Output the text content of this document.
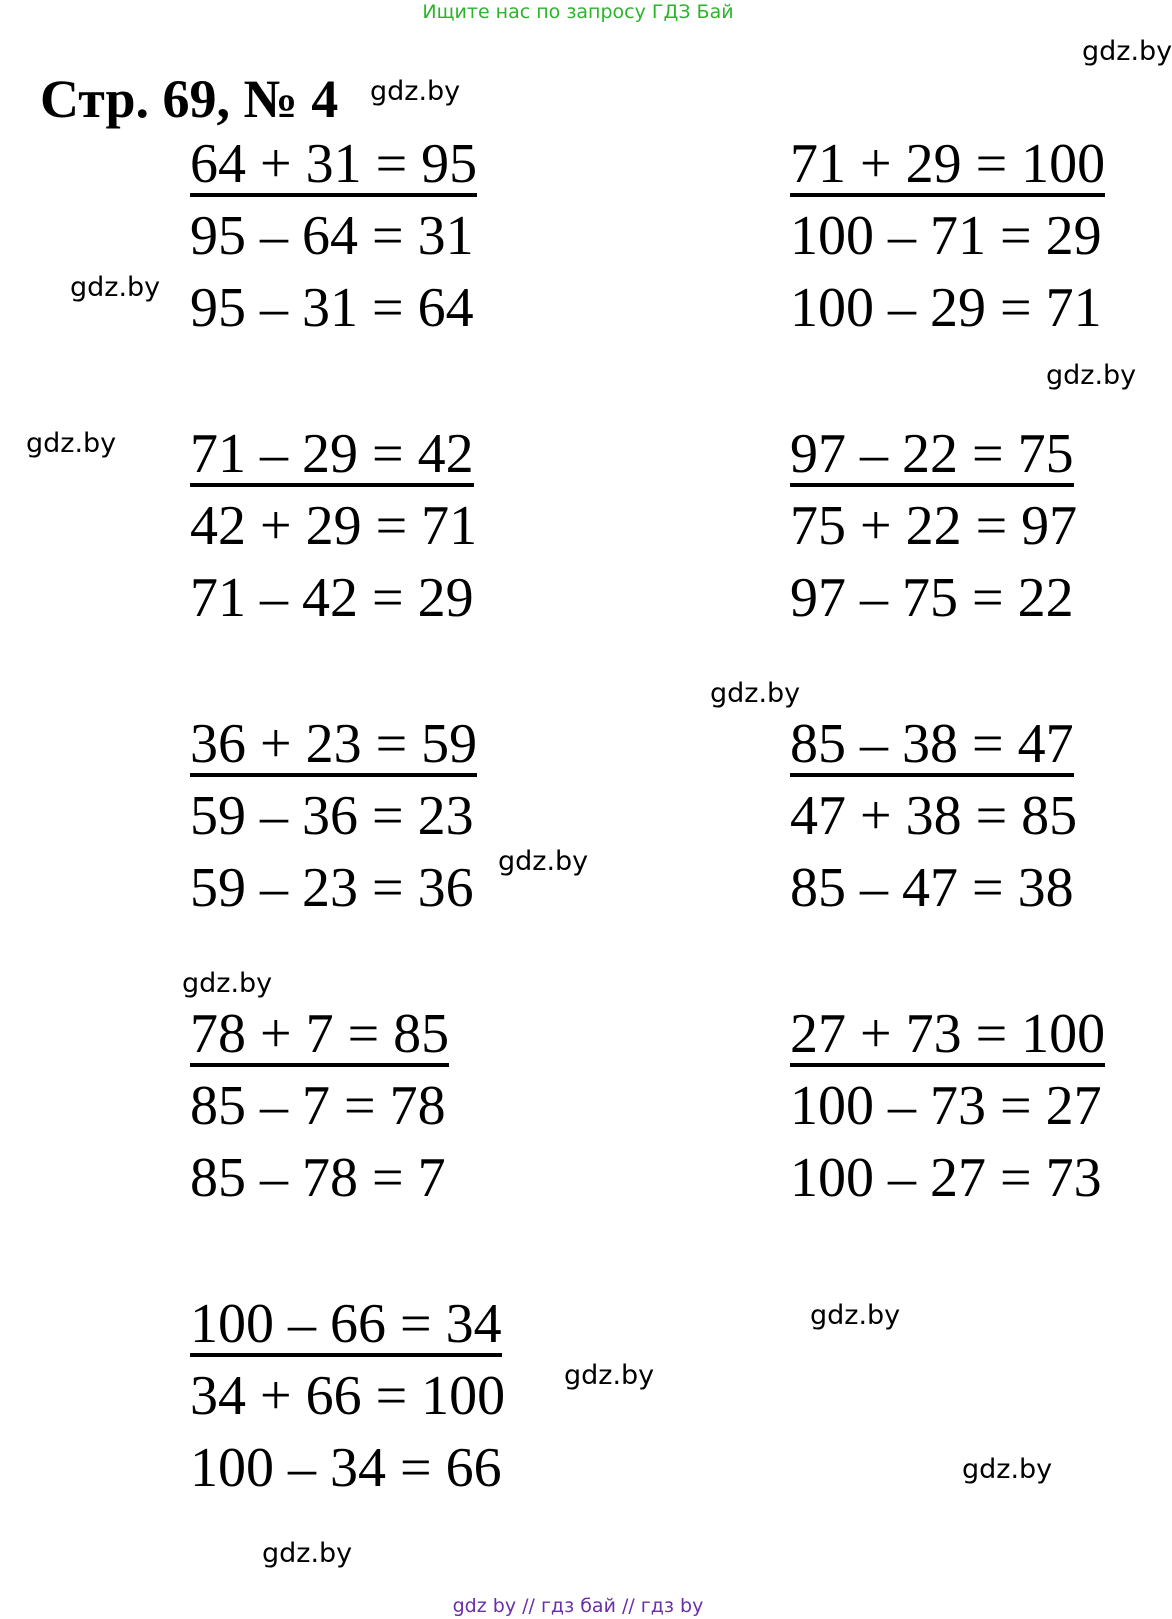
Ищите нас по запросу ГДЗ Бай
Стр. 69, № 4
gdz.by
gdz.by
gdz.by
gdz.by
gdz.by
gdz.by
gdz.by
gdz.by
gdz.by
gdz.by
gdz.by
gdz.by
64 + 31 = 95
95 – 64 = 31
95 – 31 = 64
71 + 29 = 100
100 – 71 = 29
100 – 29 = 71
71 – 29 = 42
42 + 29 = 71
71 – 42 = 29
97 – 22 = 75
75 + 22 = 97
97 – 75 = 22
36 + 23 = 59
59 – 36 = 23
59 – 23 = 36
85 – 38 = 47
47 + 38 = 85
85 – 47 = 38
78 + 7 = 85
85 – 7 = 78
85 – 78 = 7
27 + 73 = 100
100 – 73 = 27
100 – 27 = 73
100 – 66 = 34
34 + 66 = 100
100 – 34 = 66
gdz by // гдз бай // гдз by
